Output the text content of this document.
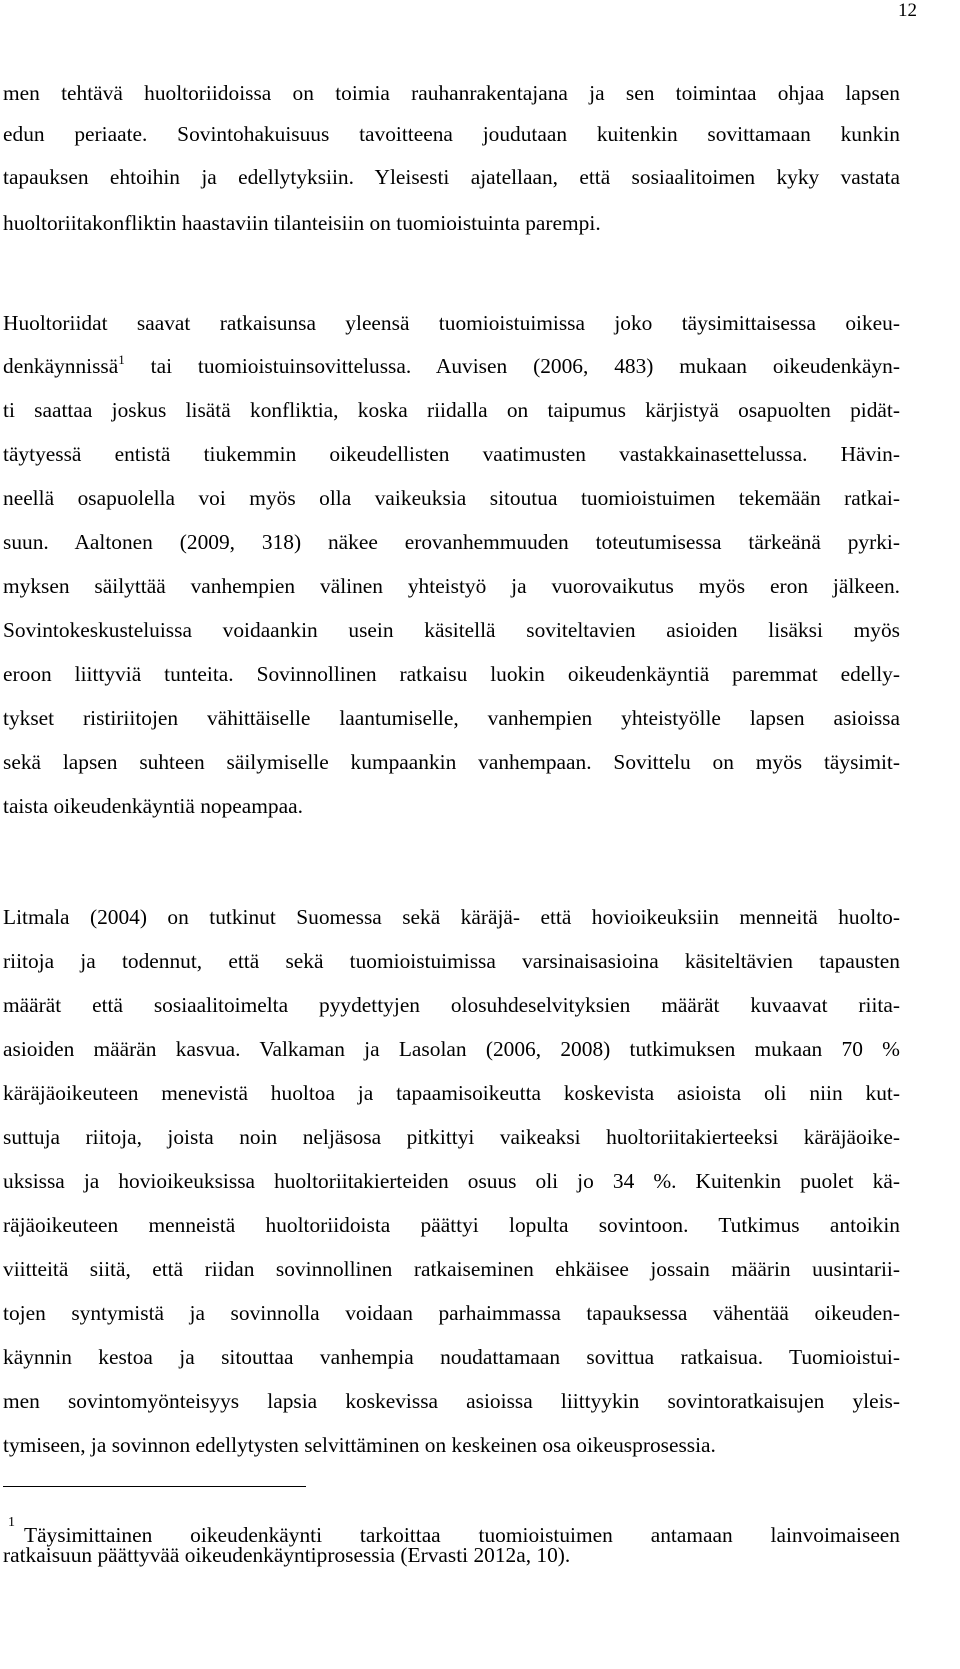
12
men tehtävä huoltoriidoissa on toimia rauhanrakentajana ja sen toimintaa ohjaa lapsen
edun periaate. Sovintohakuisuus tavoitteena joudutaan kuitenkin sovittamaan kunkin
tapauksen ehtoihin ja edellytyksiin. Yleisesti ajatellaan, että sosiaalitoimen kyky vastata
huoltoriitakonfliktin haastaviin tilanteisiin on tuomioistuinta parempi.
Huoltoriidat saavat ratkaisunsa yleensä tuomioistuimissa joko täysimittaisessa oikeu-
denkäynnissä$^1$ tai tuomioistuinsovittelussa. Auvisen (2006, 483) mukaan oikeudenkäyn-
ti saattaa joskus lisätä konfliktia, koska riidalla on taipumus kärjistyä osapuolten pidät-
täytyessä entistä tiukemmin oikeudellisten vaatimusten vastakkainasettelussa. Hävin-
neellä osapuolella voi myös olla vaikeuksia sitoutua tuomioistuimen tekemään ratkai-
suun. Aaltonen (2009, 318) näkee erovanhemmuuden toteutumisessa tärkeänä pyrki-
myksen säilyttää vanhempien välinen yhteistyö ja vuorovaikutus myös eron jälkeen.
Sovintokeskusteluissa voidaankin usein käsitellä soviteltavien asioiden lisäksi myös
eroon liittyviä tunteita. Sovinnollinen ratkaisu luokin oikeudenkäyntiä paremmat edelly-
tykset ristiriitojen vähittäiselle laantumiselle, vanhempien yhteistyölle lapsen asioissa
sekä lapsen suhteen säilymiselle kumpaankin vanhempaan. Sovittelu on myös täysimit-
taista oikeudenkäyntiä nopeampaa.
Litmala (2004) on tutkinut Suomessa sekä käräjä- että hovioikeuksiin menneitä huolto-
riitoja ja todennut, että sekä tuomioistuimissa varsinaisasioina käsiteltävien tapausten
määrät että sosiaalitoimelta pyydettyjen olosuhdeselvityksien määrät kuvaavat riita-
asioiden määrän kasvua. Valkaman ja Lasolan (2006, 2008) tutkimuksen mukaan 70 %
käräjäoikeuteen menevistä huoltoa ja tapaamisoikeutta koskevista asioista oli niin kut-
suttuja riitoja, joista noin neljäsosa pitkittyi vaikeaksi huoltoriitakierteeksi käräjäoike-
uksissa ja hovioikeuksissa huoltoriitakierteiden osuus oli jo 34 %. Kuitenkin puolet kä-
räjäoikeuteen menneistä huoltoriidoista päättyi lopulta sovintoon. Tutkimus antoikin
viitteitä siitä, että riidan sovinnollinen ratkaiseminen ehkäisee jossain määrin uusintarii-
tojen syntymistä ja sovinnolla voidaan parhaimmassa tapauksessa vähentää oikeuden-
käynnin kestoa ja sitouttaa vanhempia noudattamaan sovittua ratkaisua. Tuomioistui-
men sovintomyönteisyys lapsia koskevissa asioissa liittyykin sovintoratkaisujen yleis-
tymiseen, ja sovinnon edellytysten selvittäminen on keskeinen osa oikeusprosessia.
1
Täysimittainen oikeudenkäynti tarkoittaa tuomioistuimen antamaan lainvoimaiseen
ratkaisuun päättyvää oikeudenkäyntiprosessia (Ervasti 2012a, 10).
